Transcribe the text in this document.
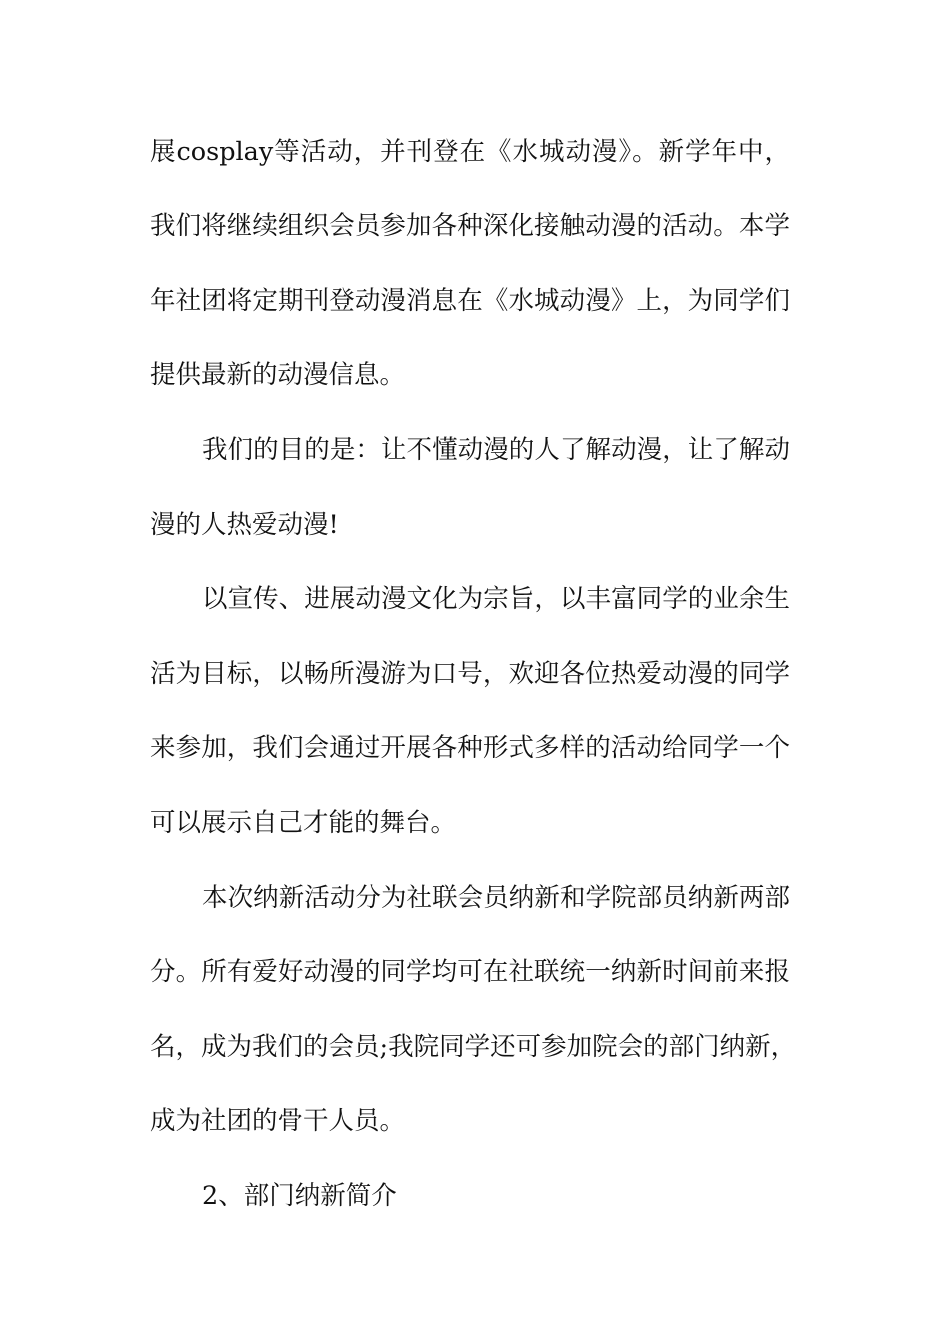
展cosplay等活动，并刊登在《水城动漫》。新学年中，
我们将继续组织会员参加各种深化接触动漫的活动。本学
年社团将定期刊登动漫消息在《水城动漫》上，为同学们
提供最新的动漫信息。
我们的目的是：让不懂动漫的人了解动漫，让了解动
漫的人热爱动漫!
以宣传、进展动漫文化为宗旨，以丰富同学的业余生
活为目标，以畅所漫游为口号，欢迎各位热爱动漫的同学
来参加，我们会通过开展各种形式多样的活动给同学一个
可以展示自己才能的舞台。
本次纳新活动分为社联会员纳新和学院部员纳新两部
分。所有爱好动漫的同学均可在社联统一纳新时间前来报
名，成为我们的会员;我院同学还可参加院会的部门纳新，
成为社团的骨干人员。
2、部门纳新简介
